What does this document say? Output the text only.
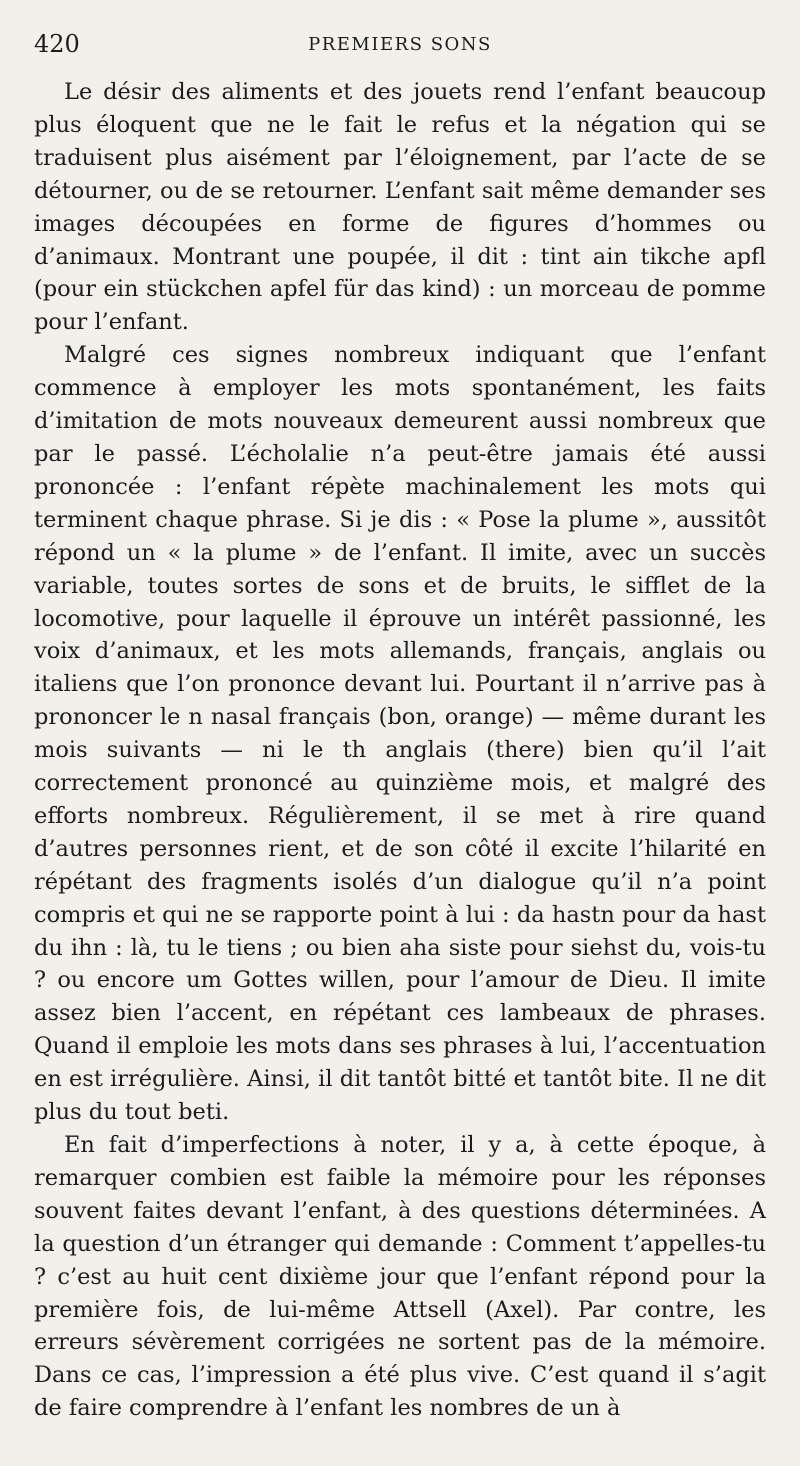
420	PREMIERS SONS

Le désir des aliments et des jouets rend l’enfant beaucoup plus éloquent que ne le fait le refus et la négation qui se traduisent plus aisément par l’éloignement, par l’acte de se détourner, ou de se retourner. L’enfant sait même demander ses images découpées en forme de figures d’hommes ou d’animaux. Montrant une poupée, il dit : tint ain tikche apfl (pour ein stückchen apfel für das kind) : un morceau de pomme pour l’enfant.

Malgré ces signes nombreux indiquant que l’enfant commence à employer les mots spontanément, les faits d’imitation de mots nouveaux demeurent aussi nombreux que par le passé. L’écholalie n’a peut-être jamais été aussi prononcée : l’enfant répète machinalement les mots qui terminent chaque phrase. Si je dis : « Pose la plume », aussitôt répond un « la plume » de l’enfant. Il imite, avec un succès variable, toutes sortes de sons et de bruits, le sifflet de la locomotive, pour laquelle il éprouve un intérêt passionné, les voix d’animaux, et les mots allemands, français, anglais ou italiens que l’on prononce devant lui. Pourtant il n’arrive pas à prononcer le n nasal français (bon, orange) — même durant les mois suivants — ni le th anglais (there) bien qu’il l’ait correctement prononcé au quinzième mois, et malgré des efforts nombreux. Régulièrement, il se met à rire quand d’autres personnes rient, et de son côté il excite l’hilarité en répétant des fragments isolés d’un dialogue qu’il n’a point compris et qui ne se rapporte point à lui : da hastn pour da hast du ihn : là, tu le tiens ; ou bien aha siste pour siehst du, vois-tu ? ou encore um Gottes willen, pour l’amour de Dieu. Il imite assez bien l’accent, en répétant ces lambeaux de phrases. Quand il emploie les mots dans ses phrases à lui, l’accentuation en est irrégulière. Ainsi, il dit tantôt bitté et tantôt bite. Il ne dit plus du tout beti.

En fait d’imperfections à noter, il y a, à cette époque, à remarquer combien est faible la mémoire pour les réponses souvent faites devant l’enfant, à des questions déterminées. A la question d’un étranger qui demande : Comment t’appelles-tu ? c’est au huit cent dixième jour que l’enfant répond pour la première fois, de lui-même Attsell (Axel). Par contre, les erreurs sévèrement corrigées ne sortent pas de la mémoire. Dans ce cas, l’impression a été plus vive. C’est quand il s’agit de faire comprendre à l’enfant les nombres de un à
